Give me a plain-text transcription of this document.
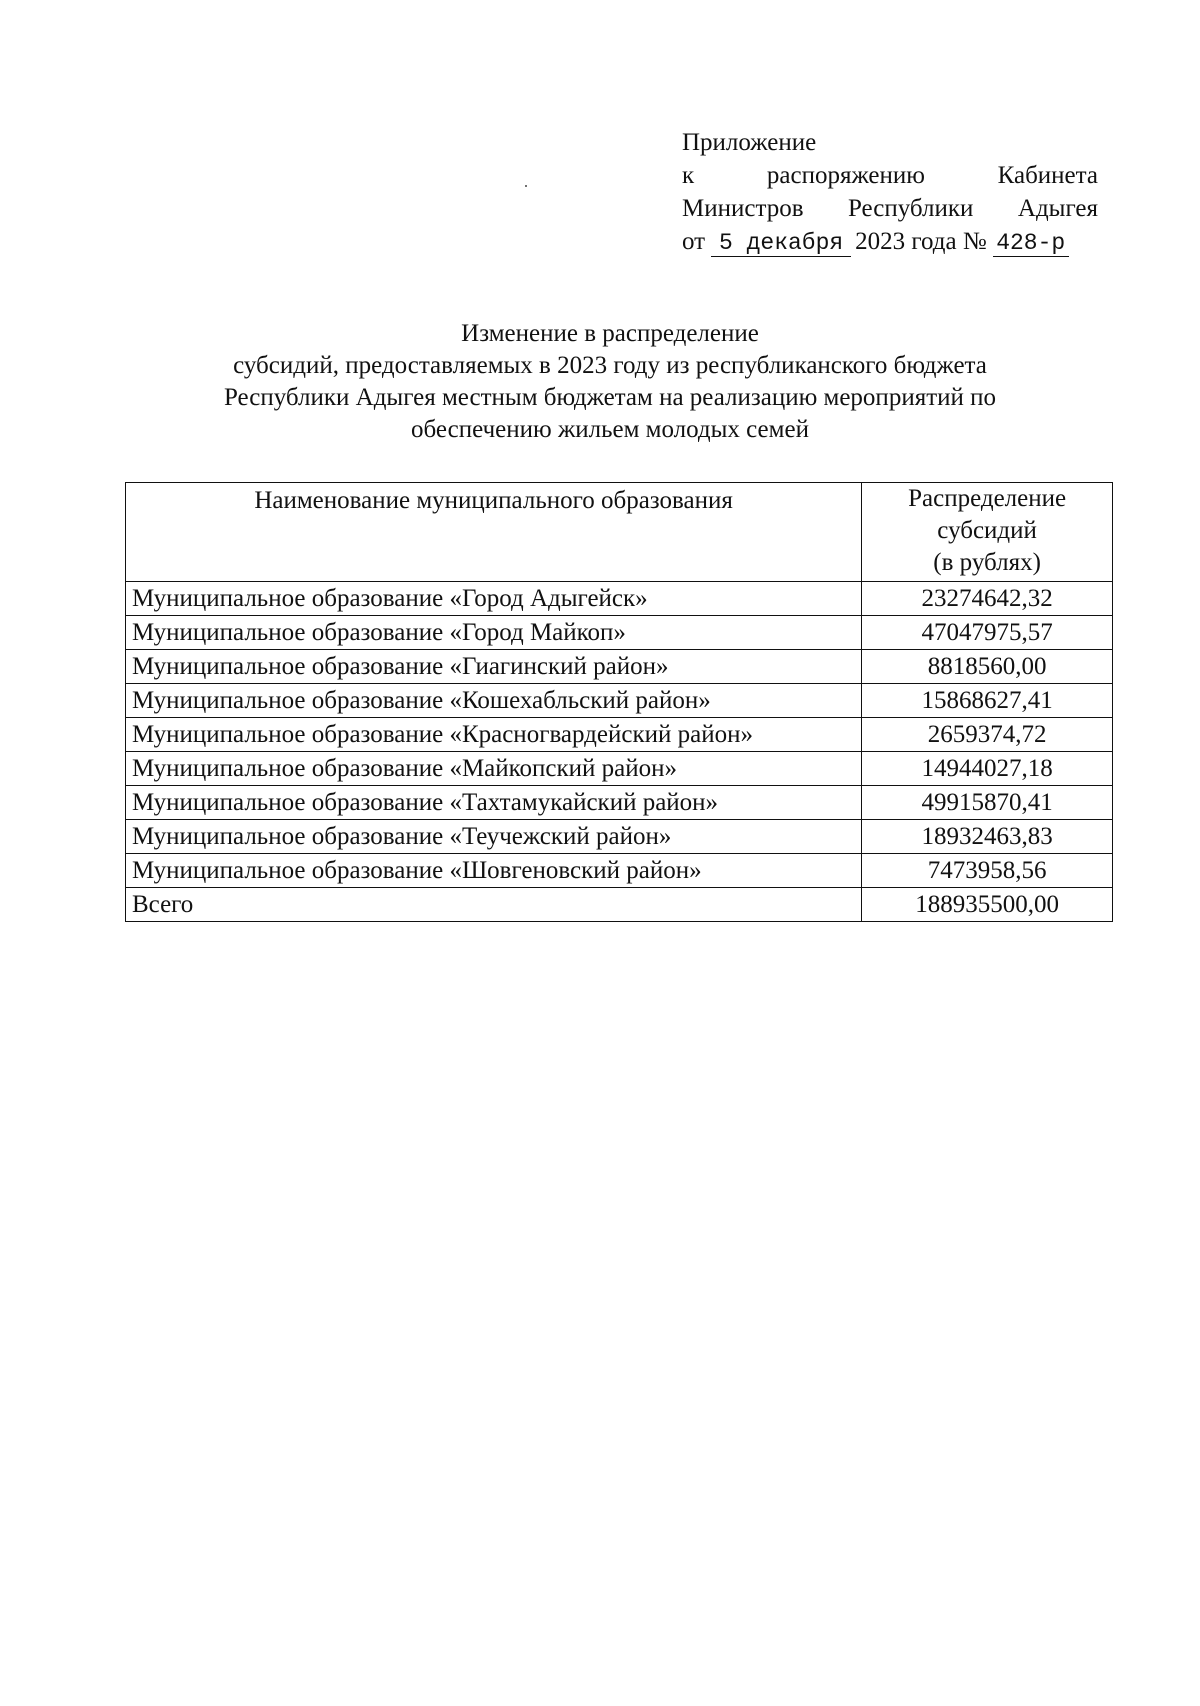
Приложение
к	распоряжению	Кабинета
Министров Республики Адыгея
от 5 декабря 2023 года № 428-р
Изменение в распределение
субсидий, предоставляемых в 2023 году из республиканского бюджета
Республики Адыгея местным бюджетам на реализацию мероприятий по
обеспечению жильем молодых семей
Наименование муниципального образования	Распределение
субсидий
(в рублях)

Муниципальное образование «Город Адыгейск»	23274642,32
Муниципальное образование «Город Майкоп»	47047975,57
Муниципальное образование «Гиагинский район»	8818560,00
Муниципальное образование «Кошехабльский район»	15868627,41
Муниципальное образование «Красногвардейский район»	2659374,72
Муниципальное образование «Майкопский район»	14944027,18
Муниципальное образование «Тахтамукайский район»	49915870,41
Муниципальное образование «Теучежский район»	18932463,83
Муниципальное образование «Шовгеновский район»	7473958,56
Всего	188935500,00
